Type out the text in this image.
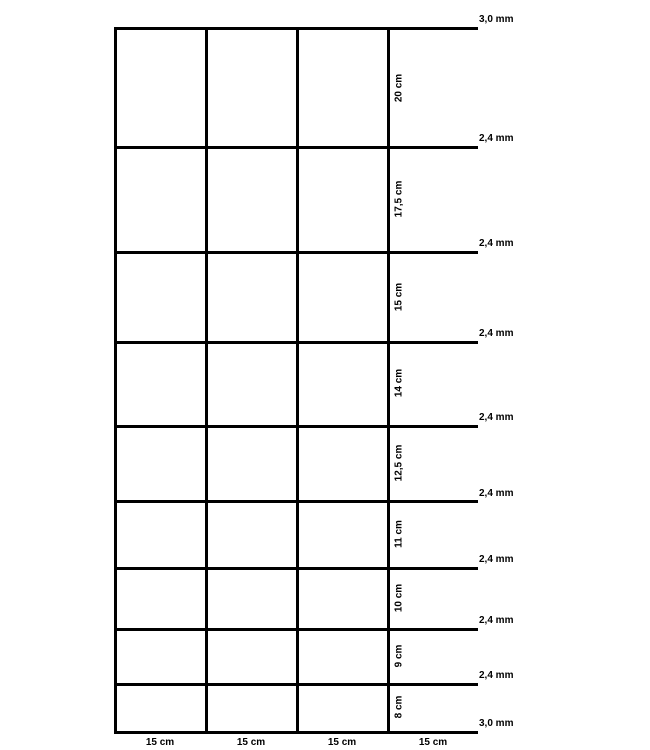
3,0 mm
2,4 mm
2,4 mm
2,4 mm
2,4 mm
2,4 mm
2,4 mm
2,4 mm
2,4 mm
3,0 mm
20 cm
17,5 cm
15 cm
14 cm
12,5 cm
11 cm
10 cm
9 cm
8 cm
15 cm	15 cm	15 cm	15 cm
